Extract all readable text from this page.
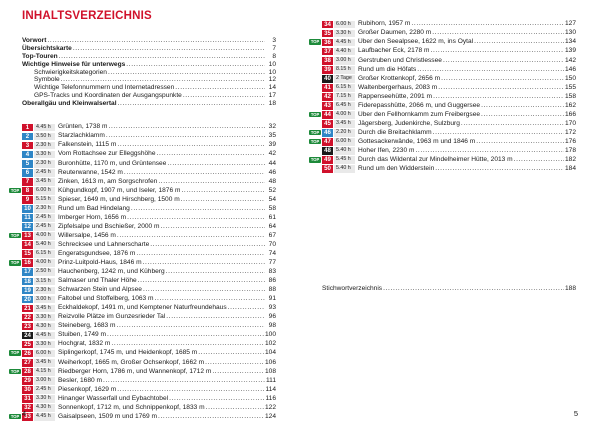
INHALTSVERZEICHNIS
Vorwort . . .	3
Übersichtskarte . . .	7
Top-Touren . . .	8
Wichtige Hinweise für unterwegs . . .	10
Schwierigkeitskategorien . . .	10
Symbole . . .	12
Wichtige Telefonnummern und Internetadressen . . .	14
GPS-Tracks und Koordinaten der Ausgangspunkte . . .	17
Oberallgäu und Kleinwalsertal . . .	18
1	4.45 h	Grünten, 1738 m . . .	32
2	3.50 h	Starzlachklamm . . .	35
3	2.30 h	Falkenstein, 1115 m . . .	39
4	3.30 h	Vom Rottachsee zur Elleggshöhe . . .	42
5	2.30 h	Buronhütte, 1170 m, und Grüntensee . . .	44
6	2.45 h	Reuterwanne, 1542 m . . .	46
7	3.45 h	Zinken, 1613 m, am Sorgschrofen . . .	48
TOP	8	6.00 h	Kühgundkopf, 1907 m, und Iseler, 1876 m . . .	52
9	5.15 h	Spieser, 1649 m, und Hirschberg, 1500 m . . .	54
10 2.30 h	Rund um Bad Hindelang . . .	58
11 2.45 h	Imberger Horn, 1656 m . . .	61
12 2.45 h	Zipfelsalpe und Bschießer, 2000 m . . .	64
TOP 13 4.00 h	Willersalpe, 1456 m . . .	67
14 5.40 h	Schrecksee und Lahnerscharte . . .	70
15 6.15 h	Engeratsgundsee, 1876 m . . .	74
TOP 16 4.00 h	Prinz-Luitpold-Haus, 1846 m . . .	77
17 2.50 h	Hauchenberg, 1242 m, und Kühberg . . .	83
18 3.15 h	Salmaser und Thaler Höhe . . .	86
19 2.30 h	Schwarzen Stein und Alpsee . . .	88
20 3.00 h	Faltobel und Stoffelberg, 1063 m . . .	91
21 3.45 h	Eckhaldekopf, 1491 m, und Kemptener Naturfreundehaus . . .	93
22 3.30 h	Reizvolle Plätze im Gunzesrieder Tal . . .	96
23 4.30 h	Steineberg, 1683 m . . .	98
24 4.45 h	Stuiben, 1749 m . . .	100
25 3.30 h	Hochgrat, 1832 m . . .	102
TOP 26 6.00 h	Siplingerkopf, 1745 m, und Heidenkopf, 1685 m . . .	104
27 3.45 h	Weiherkopf, 1665 m, Großer Ochsenkopf, 1662 m . . .	106
TOP 28 4.15 h	Riedberger Horn, 1786 m, und Wannenkopf, 1712 m . . .	108
29 3.00 h	Besler, 1680 m . . .	111
30 2.45 h	Piesenkopf, 1629 m . . .	114
31 3.30 h	Hinanger Wasserfall und Eybachtobel . . .	116
32 4.30 h	Sonnenkopf, 1712 m, und Schnippenkopf, 1833 m . . .	122
TOP 33 4.45 h	Gaisalpseen, 1509 m und 1769 m . . .	124
4
34 6.00 h	Rubihorn, 1957 m . . .	127
35 3.30 h	Großer Daumen, 2280 m . . .	130
TOP 36 4.45 h	Über den Seealpsee, 1622 m, ins Oytal . . .	134
37 4.40 h	Laufbacher Eck, 2178 m . . .	139
38 3.00 h	Gerstruben und Christlessee . . .	142
39 8.15 h	Rund um die Höfats . . .	146
40 2 Tage Großer Krottenkopf, 2656 m . . .	150
41 6.15 h	Waltenbergerhaus, 2083 m . . .	155
42 7.15 h	Rappenseehütte, 2091 m . . .	158
43 6.45 h	Fiderepasshütte, 2066 m, und Guggersee . . .	162
TOP 44 4.00 h	Über den Fellhornkamm zum Freibergsee . . .	166
45 3.45 h	Jägersberg, Judenkirche, Sulzburg . . .	170
TOP 46 2.20 h	Durch die Breitachklamm . . .	172
TOP 47 6.00 h	Gottesackerwände, 1963 m und 1846 m . . .	176
48 5.40 h	Hoher Ifen, 2230 m . . .	178
TOP 49 5.45 h	Durch das Wildental zur Mindelheimer Hütte, 2013 m . . .	182
50 5.40 h	Rund um den Widderstein . . .	184
Stichwortverzeichnis . . .	188
5
